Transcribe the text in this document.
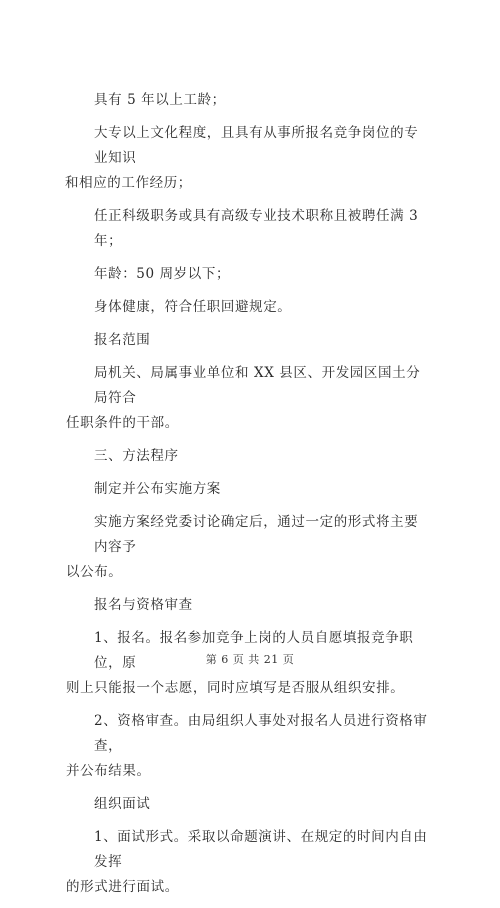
具有 5 年以上工龄；
大专以上文化程度，且具有从事所报名竞争岗位的专业知识
和相应的工作经历；
任正科级职务或具有高级专业技术职称且被聘任满 3 年；
年龄：50 周岁以下；
身体健康，符合任职回避规定。
报名范围
局机关、局属事业单位和 XX 县区、开发园区国土分局符合
任职条件的干部。
三、方法程序
制定并公布实施方案
实施方案经党委讨论确定后，通过一定的形式将主要内容予
以公布。
报名与资格审查
1、报名。报名参加竞争上岗的人员自愿填报竞争职位，原
则上只能报一个志愿，同时应填写是否服从组织安排。
2、资格审查。由局组织人事处对报名人员进行资格审查，
并公布结果。
组织面试
1、面试形式。采取以命题演讲、在规定的时间内自由发挥
的形式进行面试。
第 6 页 共 21 页
